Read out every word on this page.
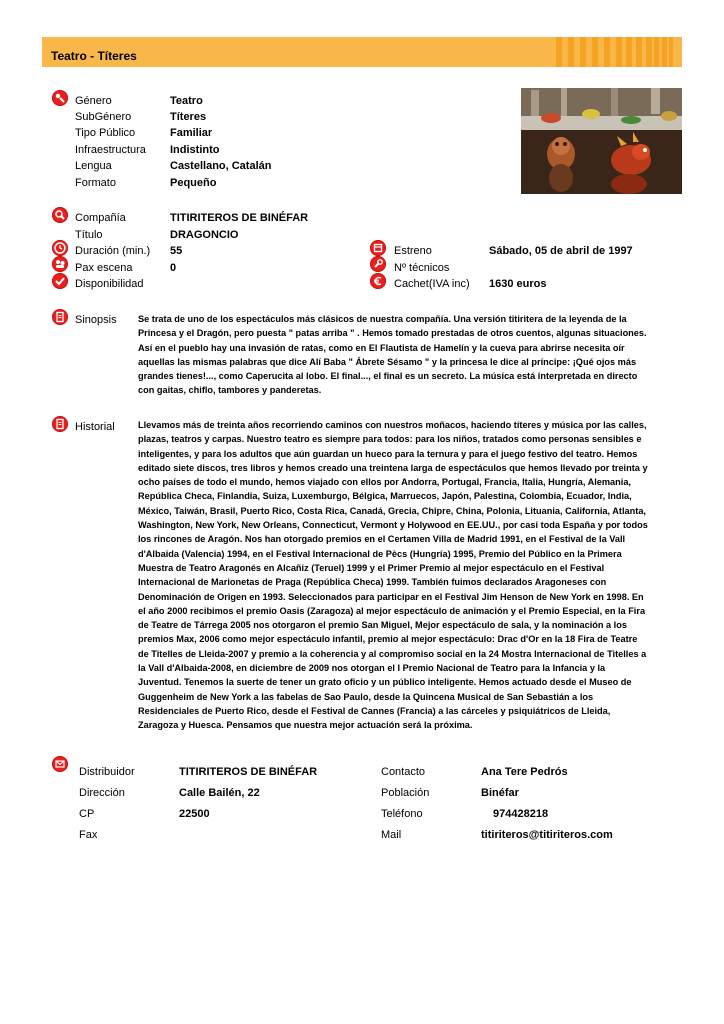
Teatro - Títeres
Género	Teatro
SubGénero	Títeres
Tipo Público	Familiar
Infraestructura Indistinto
Lengua	Castellano, Catalán
Formato	Pequeño
Compañía	TITIRITEROS DE BINÉFAR
Título	DRAGONCIO
Duración (min.) 55
Pax escena	0
Disponibilidad
Estreno	Sábado, 05 de abril de 1997
Nº técnicos
Cachet(IVA inc) 1630 euros
Sinopsis Se trata de uno de los espectáculos más clásicos de nuestra compañía. Una versión titiritera de la leyenda de la
Princesa y el Dragón, pero puesta " patas arriba " . Hemos tomado prestadas de otros cuentos, algunas situaciones.
Así en el pueblo hay una invasión de ratas, como en El Flautista de Hamelín y la cueva para abrirse necesita oír
aquellas las mismas palabras que dice Alí Baba " Ábrete Sésamo " y la princesa le dice al príncipe: ¡Qué ojos más
grandes tienes!..., como Caperucita al lobo. El final..., el final es un secreto. La música está interpretada en directo
con gaitas, chiflo, tambores y panderetas.
Historial	Llevamos más de treinta años recorriendo caminos con nuestros moñacos, haciendo títeres y música por las calles,
plazas, teatros y carpas. Nuestro teatro es siempre para todos: para los niños, tratados como personas sensibles e
inteligentes, y para los adultos que aún guardan un hueco para la ternura y para el juego festivo del teatro. Hemos
editado siete discos, tres libros y hemos creado una treintena larga de espectáculos que hemos llevado por treinta y
ocho países de todo el mundo, hemos viajado con ellos por Andorra, Portugal, Francia, Italia, Hungría, Alemania,
República Checa, Finlandia, Suiza, Luxemburgo, Bélgica, Marruecos, Japón, Palestina, Colombia, Ecuador, India,
México, Taiwán, Brasil, Puerto Rico, Costa Rica, Canadá, Grecia, Chipre, China, Polonia, Lituania, California, Atlanta,
Washington, New York, New Orleans, Connecticut, Vermont y Holywood en EE.UU., por casi toda España y por todos
los rincones de Aragón. Nos han otorgado premios en el Certamen Villa de Madrid 1991, en el Festival de la Vall
d'Albaida (Valencia) 1994, en el Festival Internacional de Pècs (Hungría) 1995, Premio del Público en la Primera
Muestra de Teatro Aragonés en Alcañiz (Teruel) 1999 y el Primer Premio al mejor espectáculo en el Festival
Internacional de Marionetas de Praga (República Checa) 1999. También fuimos declarados Aragoneses con
Denominación de Origen en 1993. Seleccionados para participar en el Festival Jim Henson de New York en 1998. En
el año 2000 recibimos el premio Oasis (Zaragoza) al mejor espectáculo de animación y el Premio Especial, en la Fira
de Teatre de Tárrega 2005 nos otorgaron el premio San Miguel, Mejor espectáculo de sala, y la nominación a los
premios Max, 2006 como mejor espectáculo infantil, premio al mejor espectáculo: Drac d'Or en la 18 Fira de Teatre
de Titelles de Lleida-2007 y premio a la coherencia y al compromiso social en la 24 Mostra Internacional de Titelles a
la Vall d'Albaida-2008, en diciembre de 2009 nos otorgan el I Premio Nacional de Teatro para la Infancia y la
Juventud. Tenemos la suerte de tener un grato oficio y un público inteligente. Hemos actuado desde el Museo de
Guggenheim de New York a las fabelas de Sao Paulo, desde la Quincena Musical de San Sebastián a los
Residenciales de Puerto Rico, desde el Festival de Cannes (Francia) a las cárceles y psiquiátricos de Lleida,
Zaragoza y Huesca. Pensamos que nuestra mejor actuación será la próxima.
Distribuidor	TITIRITEROS DE BINÉFAR
Dirección	Calle Bailén, 22
CP	22500
Fax
Contacto	Ana Tere Pedrós
Población	Binéfar
Teléfono	974428218
Mail	titiriteros@titiriteros.com
